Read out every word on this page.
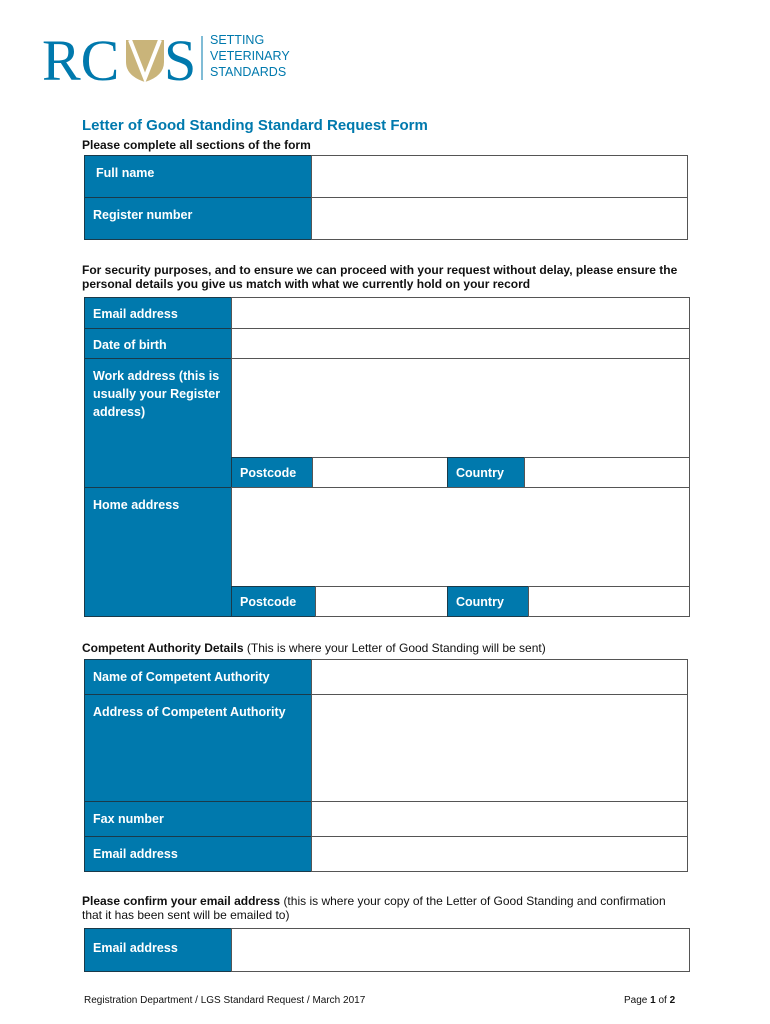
RC S SETTING
VETERINARY
STANDARDS
Letter of Good Standing Standard Request Form
Please complete all sections of the form
Full name
Register number
For security purposes, and to ensure we can proceed with your request without delay, please ensure the personal details you give us match with what we currently hold on your record
Email address
Date of birth
Work address (this is usually your Register address)
Postcode	Country
Home address
Postcode	Country
Competent Authority Details (This is where your Letter of Good Standing will be sent)
Name of Competent Authority
Address of Competent Authority
Fax number
Email address
Please confirm your email address (this is where your copy of the Letter of Good Standing and confirmation that it has been sent will be emailed to)
Email address
Registration Department / LGS Standard Request / March 2017	Page 1 of 2
